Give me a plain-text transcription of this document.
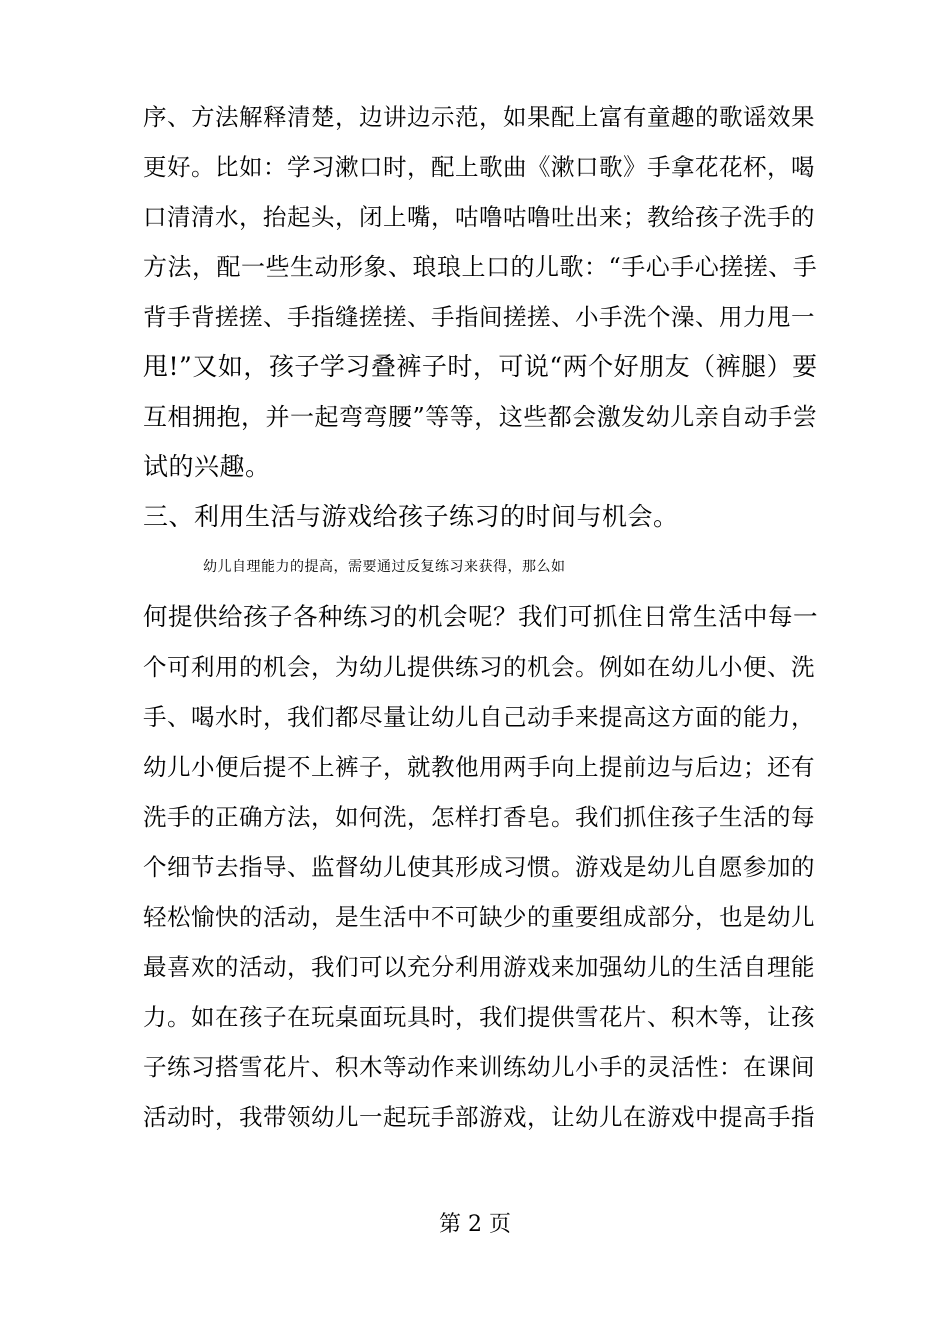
序、方法解释清楚，边讲边示范，如果配上富有童趣的歌谣效果
更好。比如：学习漱口时，配上歌曲《漱口歌》手拿花花杯，喝
口清清水，抬起头，闭上嘴，咕噜咕噜吐出来；教给孩子洗手的
方法，配一些生动形象、琅琅上口的儿歌：“手心手心搓搓、手
背手背搓搓、手指缝搓搓、手指间搓搓、小手洗个澡、用力甩一
甩!”又如，孩子学习叠裤子时，可说“两个好朋友（裤腿）要
互相拥抱，并一起弯弯腰”等等，这些都会激发幼儿亲自动手尝
试的兴趣。
三、利用生活与游戏给孩子练习的时间与机会。
幼儿自理能力的提高，需要通过反复练习来获得，那么如
何提供给孩子各种练习的机会呢？我们可抓住日常生活中每一
个可利用的机会，为幼儿提供练习的机会。例如在幼儿小便、洗
手、喝水时，我们都尽量让幼儿自己动手来提高这方面的能力，
幼儿小便后提不上裤子，就教他用两手向上提前边与后边；还有
洗手的正确方法，如何洗，怎样打香皂。我们抓住孩子生活的每
个细节去指导、监督幼儿使其形成习惯。游戏是幼儿自愿参加的
轻松愉快的活动，是生活中不可缺少的重要组成部分，也是幼儿
最喜欢的活动，我们可以充分利用游戏来加强幼儿的生活自理能
力。如在孩子在玩桌面玩具时，我们提供雪花片、积木等，让孩
子练习搭雪花片、积木等动作来训练幼儿小手的灵活性：在课间
活动时，我带领幼儿一起玩手部游戏，让幼儿在游戏中提高手指
第 2 页
